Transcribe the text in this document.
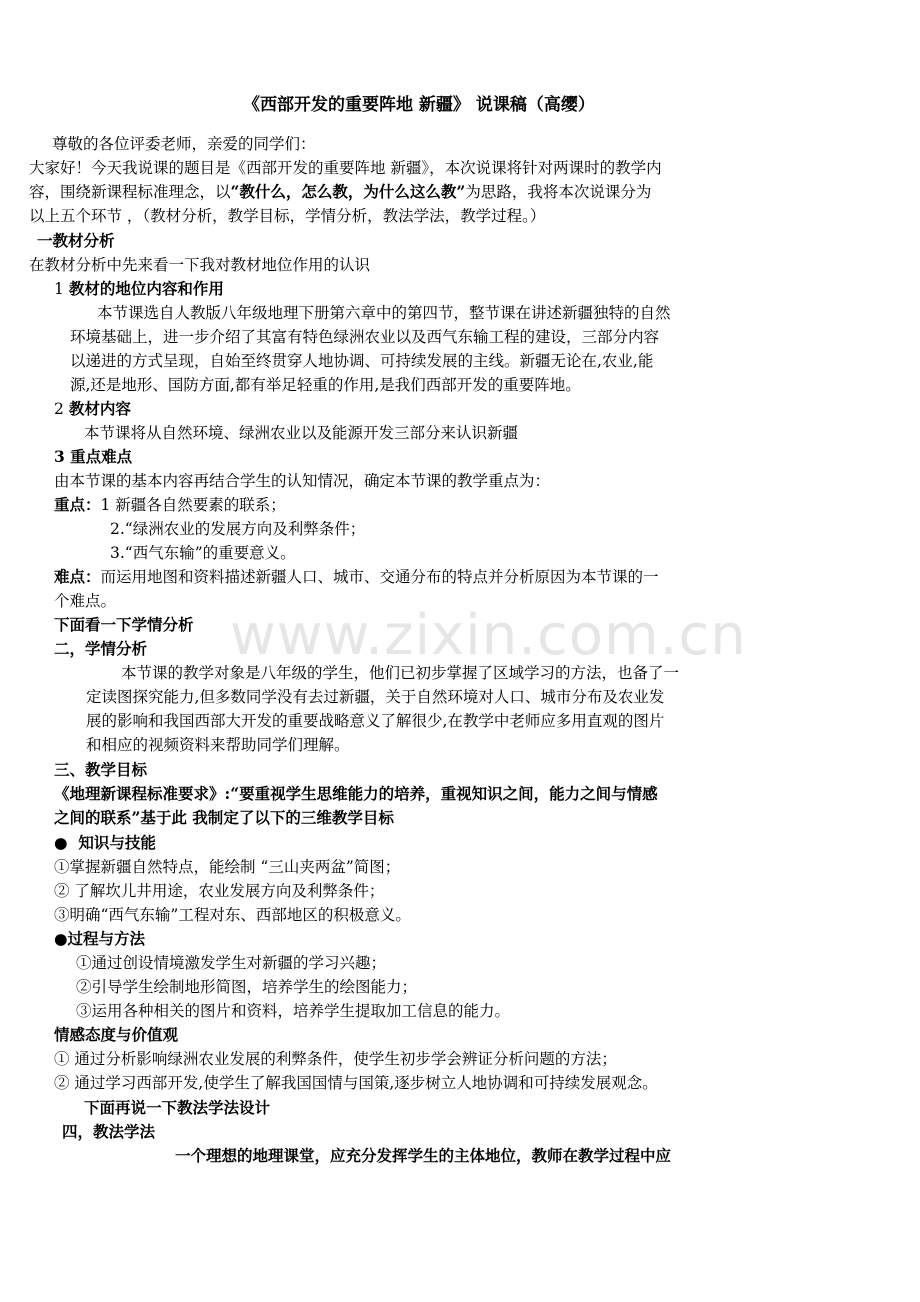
www.zixin.com.cn
《西部开发的重要阵地 新疆》 说课稿（高缨）
尊敬的各位评委老师，亲爱的同学们：
大家好！今天我说课的题目是《西部开发的重要阵地 新疆》，本次说课将针对两课时的教学内
容，围绕新课程标准理念，以“教什么，怎么教，为什么这么教”为思路，我将本次说课分为
以上五个环节 ，（教材分析，教学目标，学情分析，教法学法，教学过程。）
一教材分析
在教材分析中先来看一下我对教材地位作用的认识
1 教材的地位内容和作用
本节课选自人教版八年级地理下册第六章中的第四节，整节课在讲述新疆独特的自然
环境基础上，进一步介绍了其富有特色绿洲农业以及西气东输工程的建设，三部分内容
以递进的方式呈现，自始至终贯穿人地协调、可持续发展的主线。新疆无论在,农业,能
源,还是地形、国防方面,都有举足轻重的作用,是我们西部开发的重要阵地。
2 教材内容
本节课将从自然环境、绿洲农业以及能源开发三部分来认识新疆
3 重点难点
由本节课的基本内容再结合学生的认知情况，确定本节课的教学重点为：
重点：1 新疆各自然要素的联系；
2.“绿洲农业的发展方向及利弊条件；
3.“西气东输”的重要意义。
难点：而运用地图和资料描述新疆人口、城市、交通分布的特点并分析原因为本节课的一
个难点。
下面看一下学情分析
二，学情分析
本节课的教学对象是八年级的学生，他们已初步掌握了区域学习的方法，也备了一
定读图探究能力,但多数同学没有去过新疆，关于自然环境对人口、城市分布及农业发
展的影响和我国西部大开发的重要战略意义了解很少,在教学中老师应多用直观的图片
和相应的视频资料来帮助同学们理解。
三、教学目标
《地理新课程标准要求》:“要重视学生思维能力的培养，重视知识之间，能力之间与情感
之间的联系”基于此 我制定了以下的三维教学目标
● 知识与技能
①掌握新疆自然特点，能绘制 “三山夹两盆”简图；
② 了解坎儿井用途，农业发展方向及利弊条件；
③明确“西气东输”工程对东、西部地区的积极意义。
●过程与方法
①通过创设情境激发学生对新疆的学习兴趣；
②引导学生绘制地形简图，培养学生的绘图能力；
③运用各种相关的图片和资料，培养学生提取加工信息的能力。
情感态度与价值观
① 通过分析影响绿洲农业发展的利弊条件，使学生初步学会辨证分析问题的方法；
② 通过学习西部开发,使学生了解我国国情与国策,逐步树立人地协调和可持续发展观念。
下面再说一下教法学法设计
四，教法学法
一个理想的地理课堂，应充分发挥学生的主体地位，教师在教学过程中应
